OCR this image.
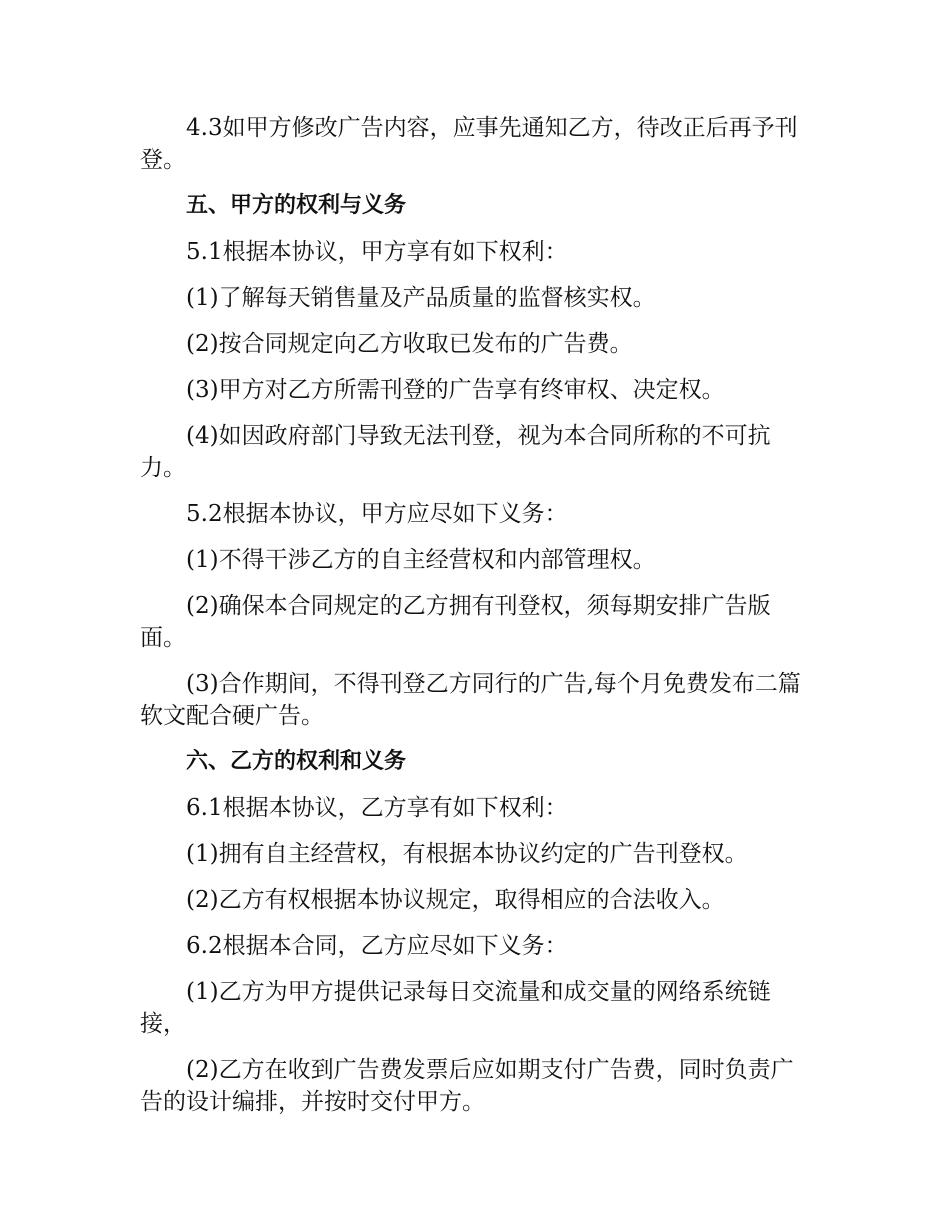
4.3如甲方修改广告内容，应事先通知乙方，待改正后再予刊登。

五、甲方的权利与义务

5.1根据本协议，甲方享有如下权利：

(1)了解每天销售量及产品质量的监督核实权。

(2)按合同规定向乙方收取已发布的广告费。

(3)甲方对乙方所需刊登的广告享有终审权、决定权。

(4)如因政府部门导致无法刊登，视为本合同所称的不可抗力。

5.2根据本协议，甲方应尽如下义务：

(1)不得干涉乙方的自主经营权和内部管理权。

(2)确保本合同规定的乙方拥有刊登权，须每期安排广告版面。

(3)合作期间，不得刊登乙方同行的广告,每个月免费发布二篇软文配合硬广告。

六、乙方的权利和义务

6.1根据本协议，乙方享有如下权利：

(1)拥有自主经营权，有根据本协议约定的广告刊登权。

(2)乙方有权根据本协议规定，取得相应的合法收入。

6.2根据本合同，乙方应尽如下义务：

(1)乙方为甲方提供记录每日交流量和成交量的网络系统链接，

(2)乙方在收到广告费发票后应如期支付广告费，同时负责广告的设计编排，并按时交付甲方。
